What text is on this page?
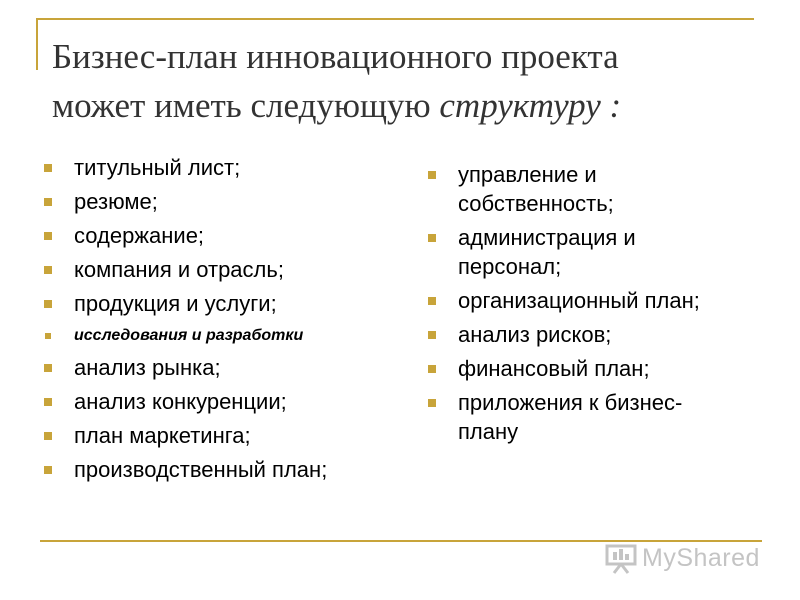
Бизнес-план инновационного проекта
может иметь следующую структуру :
титульный лист;
резюме;
содержание;
компания и отрасль;
продукция и услуги;
исследования и разработки
анализ рынка;
анализ конкуренции;
план маркетинга;
производственный план;
управление и собственность;
администрация и персонал;
организационный план;
анализ рисков;
финансовый план;
приложения к бизнес-плану
MyShared
